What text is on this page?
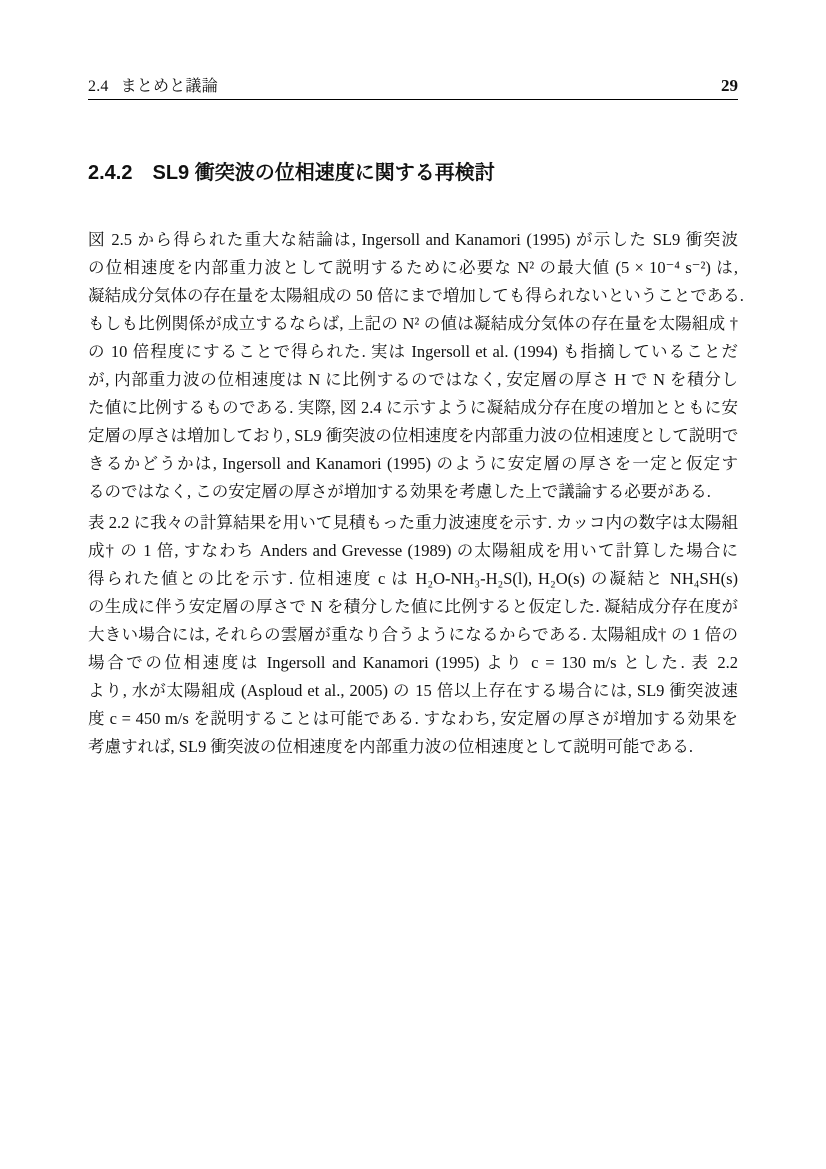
2.4 まとめと議論	29
2.4.2 SL9 衝突波の位相速度に関する再検討
図 2.5 から得られた重大な結論は, Ingersoll and Kanamori (1995) が示した SL9 衝突波
の位相速度を内部重力波として説明するために必要な N² の最大値 (5 × 10⁻⁴ s⁻²) は,
凝結成分気体の存在量を太陽組成の 50 倍にまで増加しても得られないということである.
もしも比例関係が成立するならば, 上記の N² の値は凝結成分気体の存在量を太陽組成 †
の 10 倍程度にすることで得られた. 実は Ingersoll et al. (1994) も指摘していることだ
が, 内部重力波の位相速度は N に比例するのではなく, 安定層の厚さ H で N を積分し
た値に比例するものである. 実際, 図 2.4 に示すように凝結成分存在度の増加とともに安
定層の厚さは増加しており, SL9 衝突波の位相速度を内部重力波の位相速度として説明で
きるかどうかは, Ingersoll and Kanamori (1995) のように安定層の厚さを一定と仮定す
るのではなく, この安定層の厚さが増加する効果を考慮した上で議論する必要がある.
表 2.2 に我々の計算結果を用いて見積もった重力波速度を示す. カッコ内の数字は太陽組
成† の 1 倍, すなわち Anders and Grevesse (1989) の太陽組成を用いて計算した場合に
得られた値との比を示す. 位相速度 c は H₂O-NH₃-H₂S(l), H₂O(s) の凝結と NH₄SH(s)
の生成に伴う安定層の厚さで N を積分した値に比例すると仮定した. 凝結成分存在度が
大きい場合には, それらの雲層が重なり合うようになるからである. 太陽組成† の 1 倍の
場合での位相速度は Ingersoll and Kanamori (1995) より c = 130 m/s とした. 表 2.2
より, 水が太陽組成 (Asploud et al., 2005) の 15 倍以上存在する場合には, SL9 衝突波速
度 c = 450 m/s を説明することは可能である. すなわち, 安定層の厚さが増加する効果を
考慮すれば, SL9 衝突波の位相速度を内部重力波の位相速度として説明可能である.
